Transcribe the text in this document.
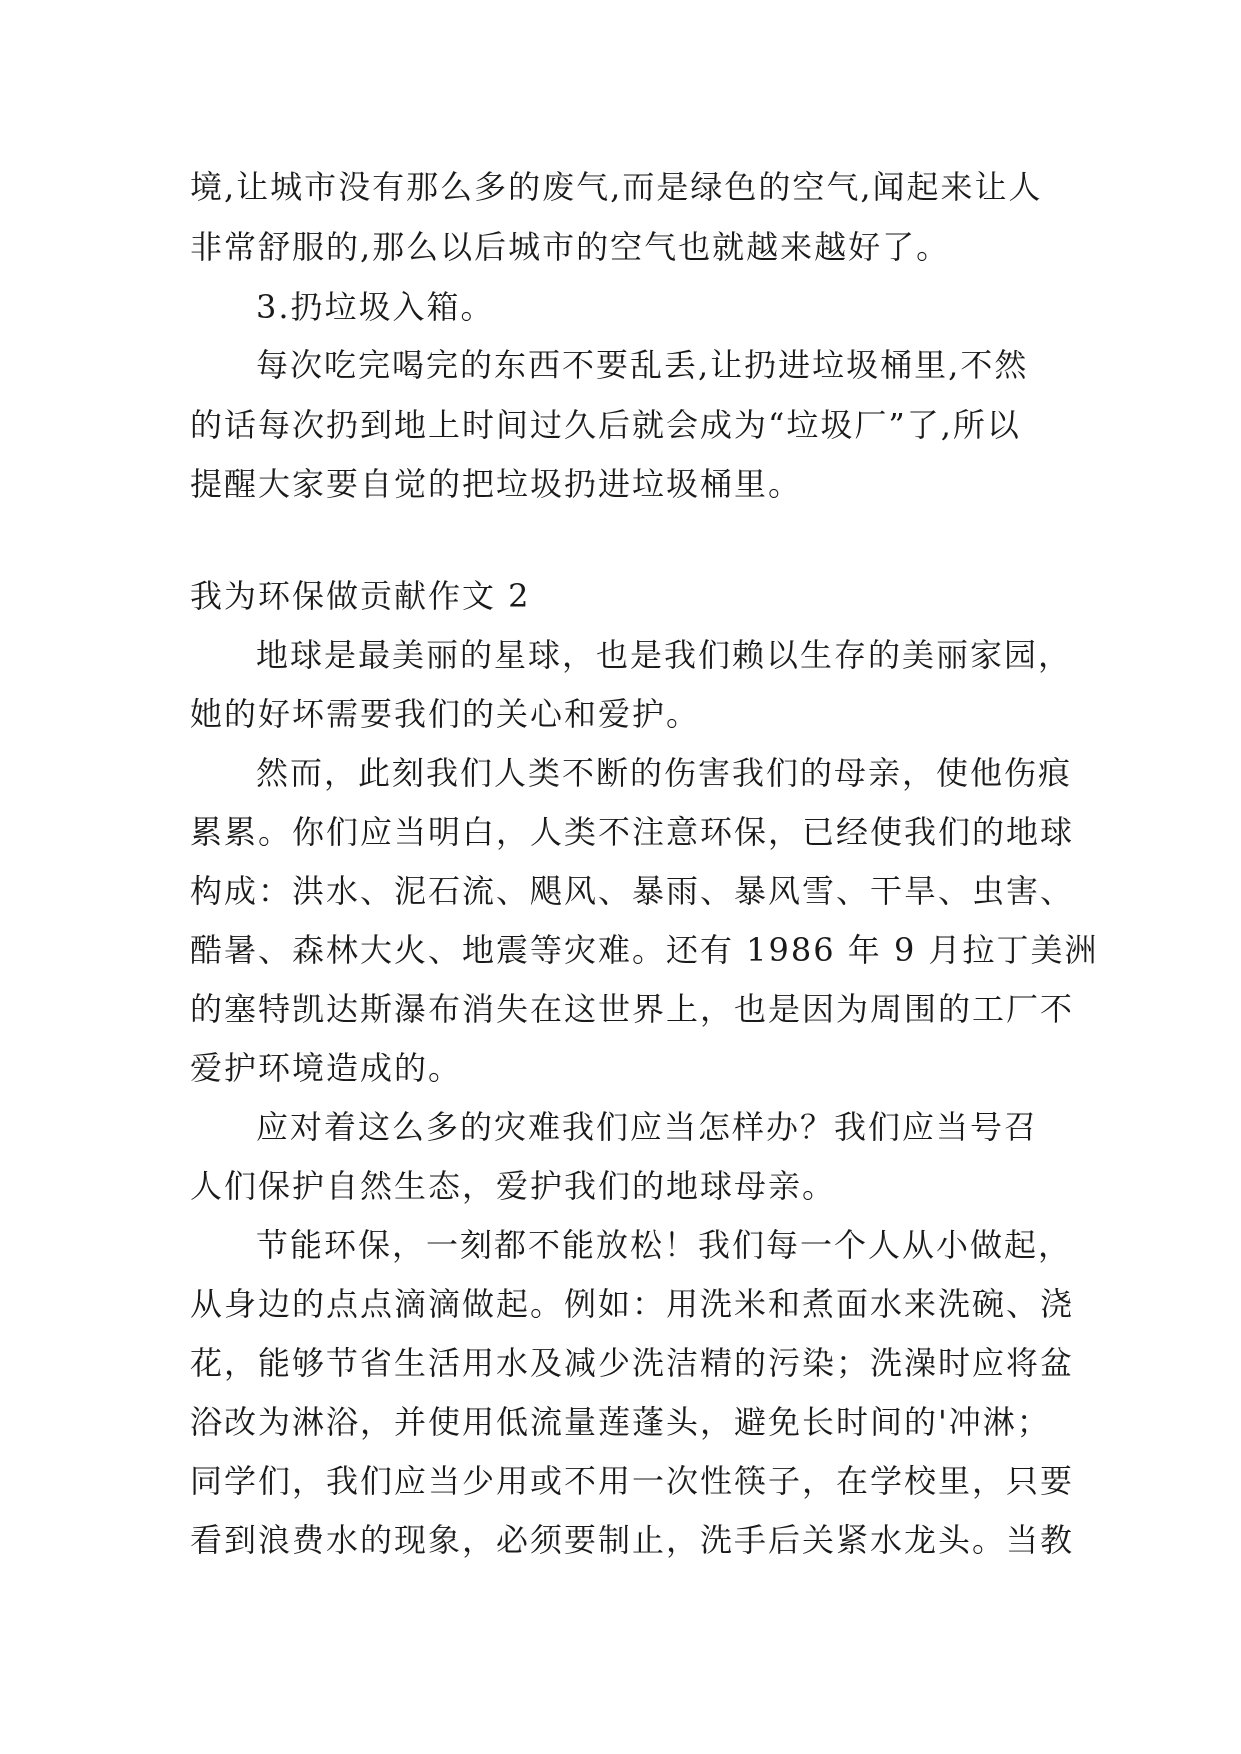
境,让城市没有那么多的废气,而是绿色的空气,闻起来让人
非常舒服的,那么以后城市的空气也就越来越好了。
3.扔垃圾入箱。
每次吃完喝完的东西不要乱丢,让扔进垃圾桶里,不然
的话每次扔到地上时间过久后就会成为“垃圾厂”了,所以
提醒大家要自觉的把垃圾扔进垃圾桶里。
我为环保做贡献作文 2
地球是最美丽的星球，也是我们赖以生存的美丽家园，
她的好坏需要我们的关心和爱护。
然而，此刻我们人类不断的伤害我们的母亲，使他伤痕
累累。你们应当明白，人类不注意环保，已经使我们的地球
构成：洪水、泥石流、飓风、暴雨、暴风雪、干旱、虫害、
酷暑、森林大火、地震等灾难。还有 1986 年 9 月拉丁美洲
的塞特凯达斯瀑布消失在这世界上，也是因为周围的工厂不
爱护环境造成的。
应对着这么多的灾难我们应当怎样办？我们应当号召
人们保护自然生态，爱护我们的地球母亲。
节能环保，一刻都不能放松！我们每一个人从小做起，
从身边的点点滴滴做起。例如：用洗米和煮面水来洗碗、浇
花，能够节省生活用水及减少洗洁精的污染；洗澡时应将盆
浴改为淋浴，并使用低流量莲蓬头，避免长时间的'冲淋；
同学们，我们应当少用或不用一次性筷子，在学校里，只要
看到浪费水的现象，必须要制止，洗手后关紧水龙头。当教
